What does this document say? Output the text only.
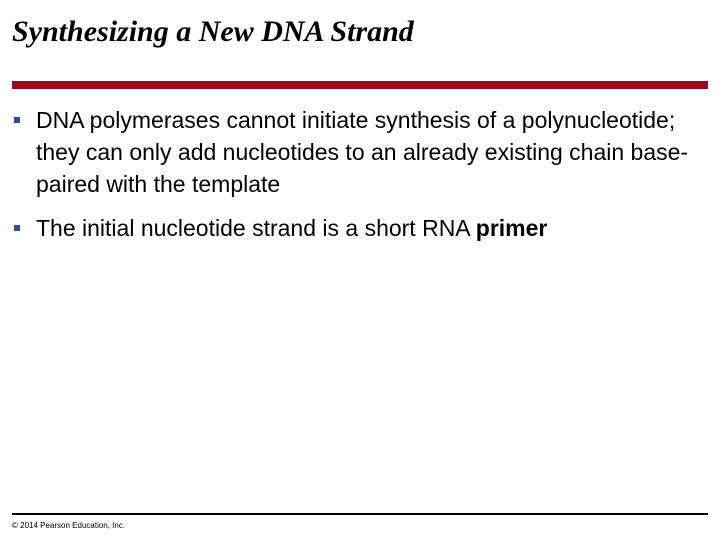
Synthesizing a New DNA Strand
DNA polymerases cannot initiate synthesis of a polynucleotide; they can only add nucleotides to an already existing chain base-paired with the template
The initial nucleotide strand is a short RNA primer
© 2014 Pearson Education, Inc.
